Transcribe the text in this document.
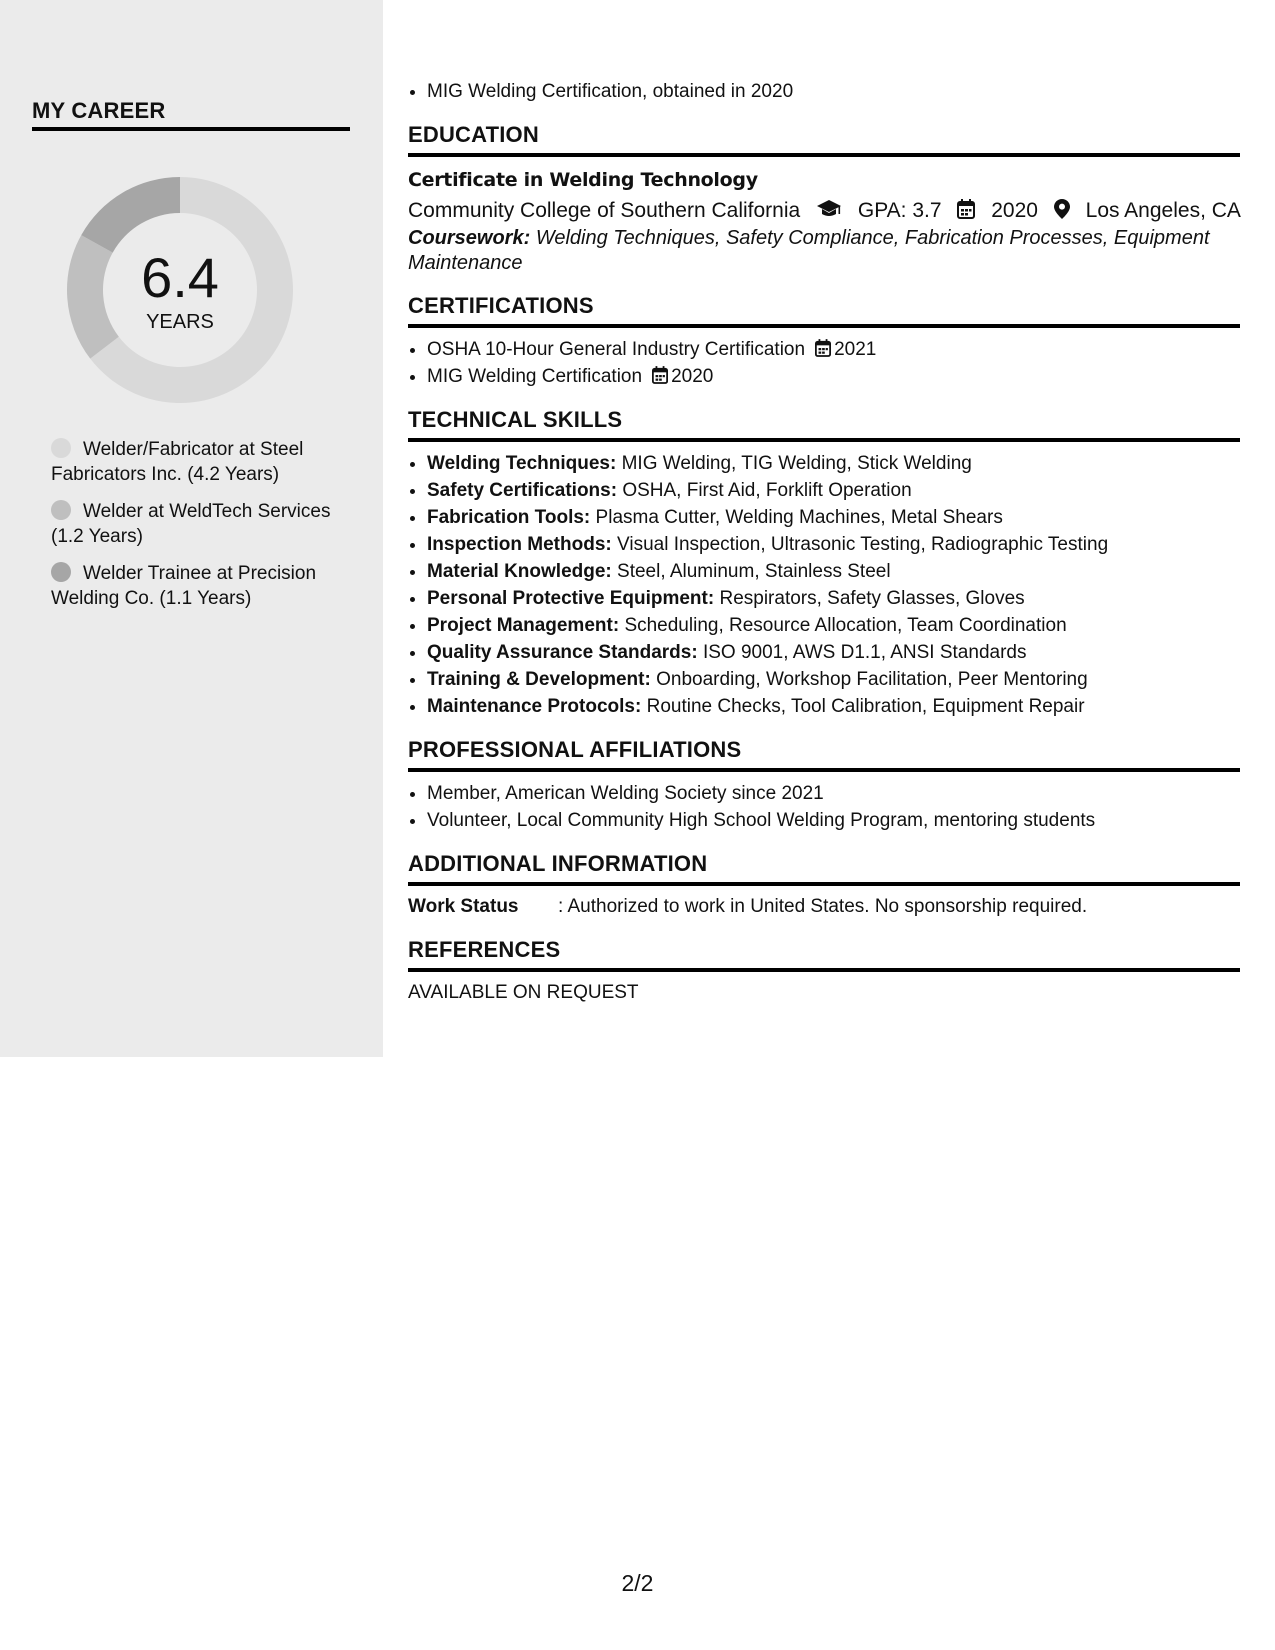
MY CAREER
6.4
YEARS
Welder/Fabricator at Steel Fabricators Inc. (4.2 Years)
Welder at WeldTech Services (1.2 Years)
Welder Trainee at Precision Welding Co. (1.1 Years)
• MIG Welding Certification, obtained in 2020
EDUCATION
Certificate in Welding Technology
Community College of Southern California	GPA: 3.7 2020 Los Angeles, CA
Coursework: Welding Techniques, Safety Compliance, Fabrication Processes, Equipment Maintenance
CERTIFICATIONS
• OSHA 10-Hour General Industry Certification 2021
• MIG Welding Certification 2020
TECHNICAL SKILLS
• Welding Techniques: MIG Welding, TIG Welding, Stick Welding
• Safety Certifications: OSHA, First Aid, Forklift Operation
• Fabrication Tools: Plasma Cutter, Welding Machines, Metal Shears
• Inspection Methods: Visual Inspection, Ultrasonic Testing, Radiographic Testing
• Material Knowledge: Steel, Aluminum, Stainless Steel
• Personal Protective Equipment: Respirators, Safety Glasses, Gloves
• Project Management: Scheduling, Resource Allocation, Team Coordination
• Quality Assurance Standards: ISO 9001, AWS D1.1, ANSI Standards
• Training & Development: Onboarding, Workshop Facilitation, Peer Mentoring
• Maintenance Protocols: Routine Checks, Tool Calibration, Equipment Repair
PROFESSIONAL AFFILIATIONS
• Member, American Welding Society since 2021
• Volunteer, Local Community High School Welding Program, mentoring students
ADDITIONAL INFORMATION
Work Status : Authorized to work in United States. No sponsorship required.
REFERENCES
AVAILABLE ON REQUEST
2/2
